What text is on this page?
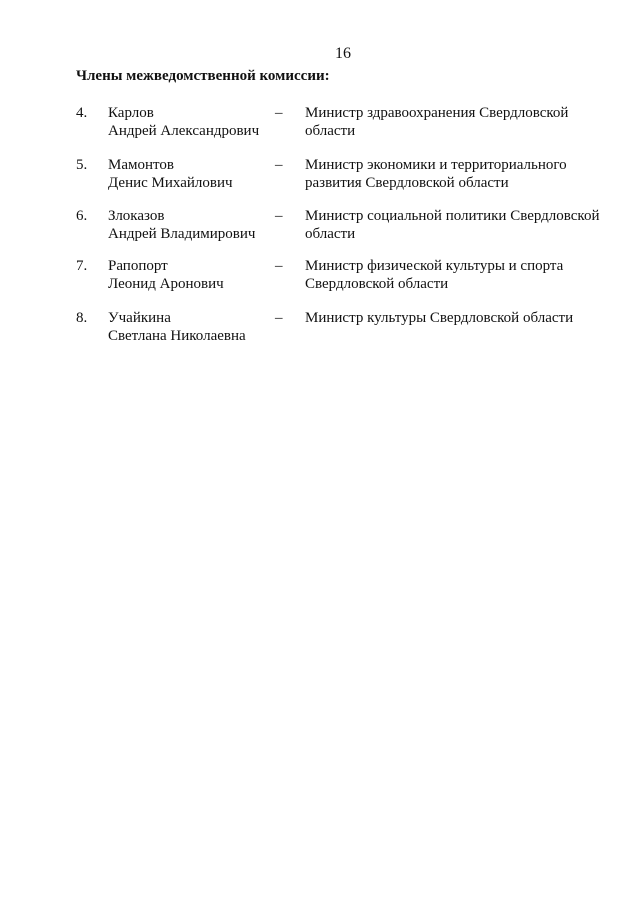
16
Члены межведомственной комиссии:
4. Карлов
Андрей Александрович
– Министр здравоохранения Свердловской
области
5. Мамонтов
Денис Михайлович
– Министр экономики и территориального
развития Свердловской области
6. Злоказов
Андрей Владимирович
– Министр социальной политики Свердловской
области
7. Рапопорт
Леонид Аронович
– Министр физической культуры и спорта
Свердловской области
8. Учайкина
Светлана Николаевна
– Министр культуры Свердловской области
